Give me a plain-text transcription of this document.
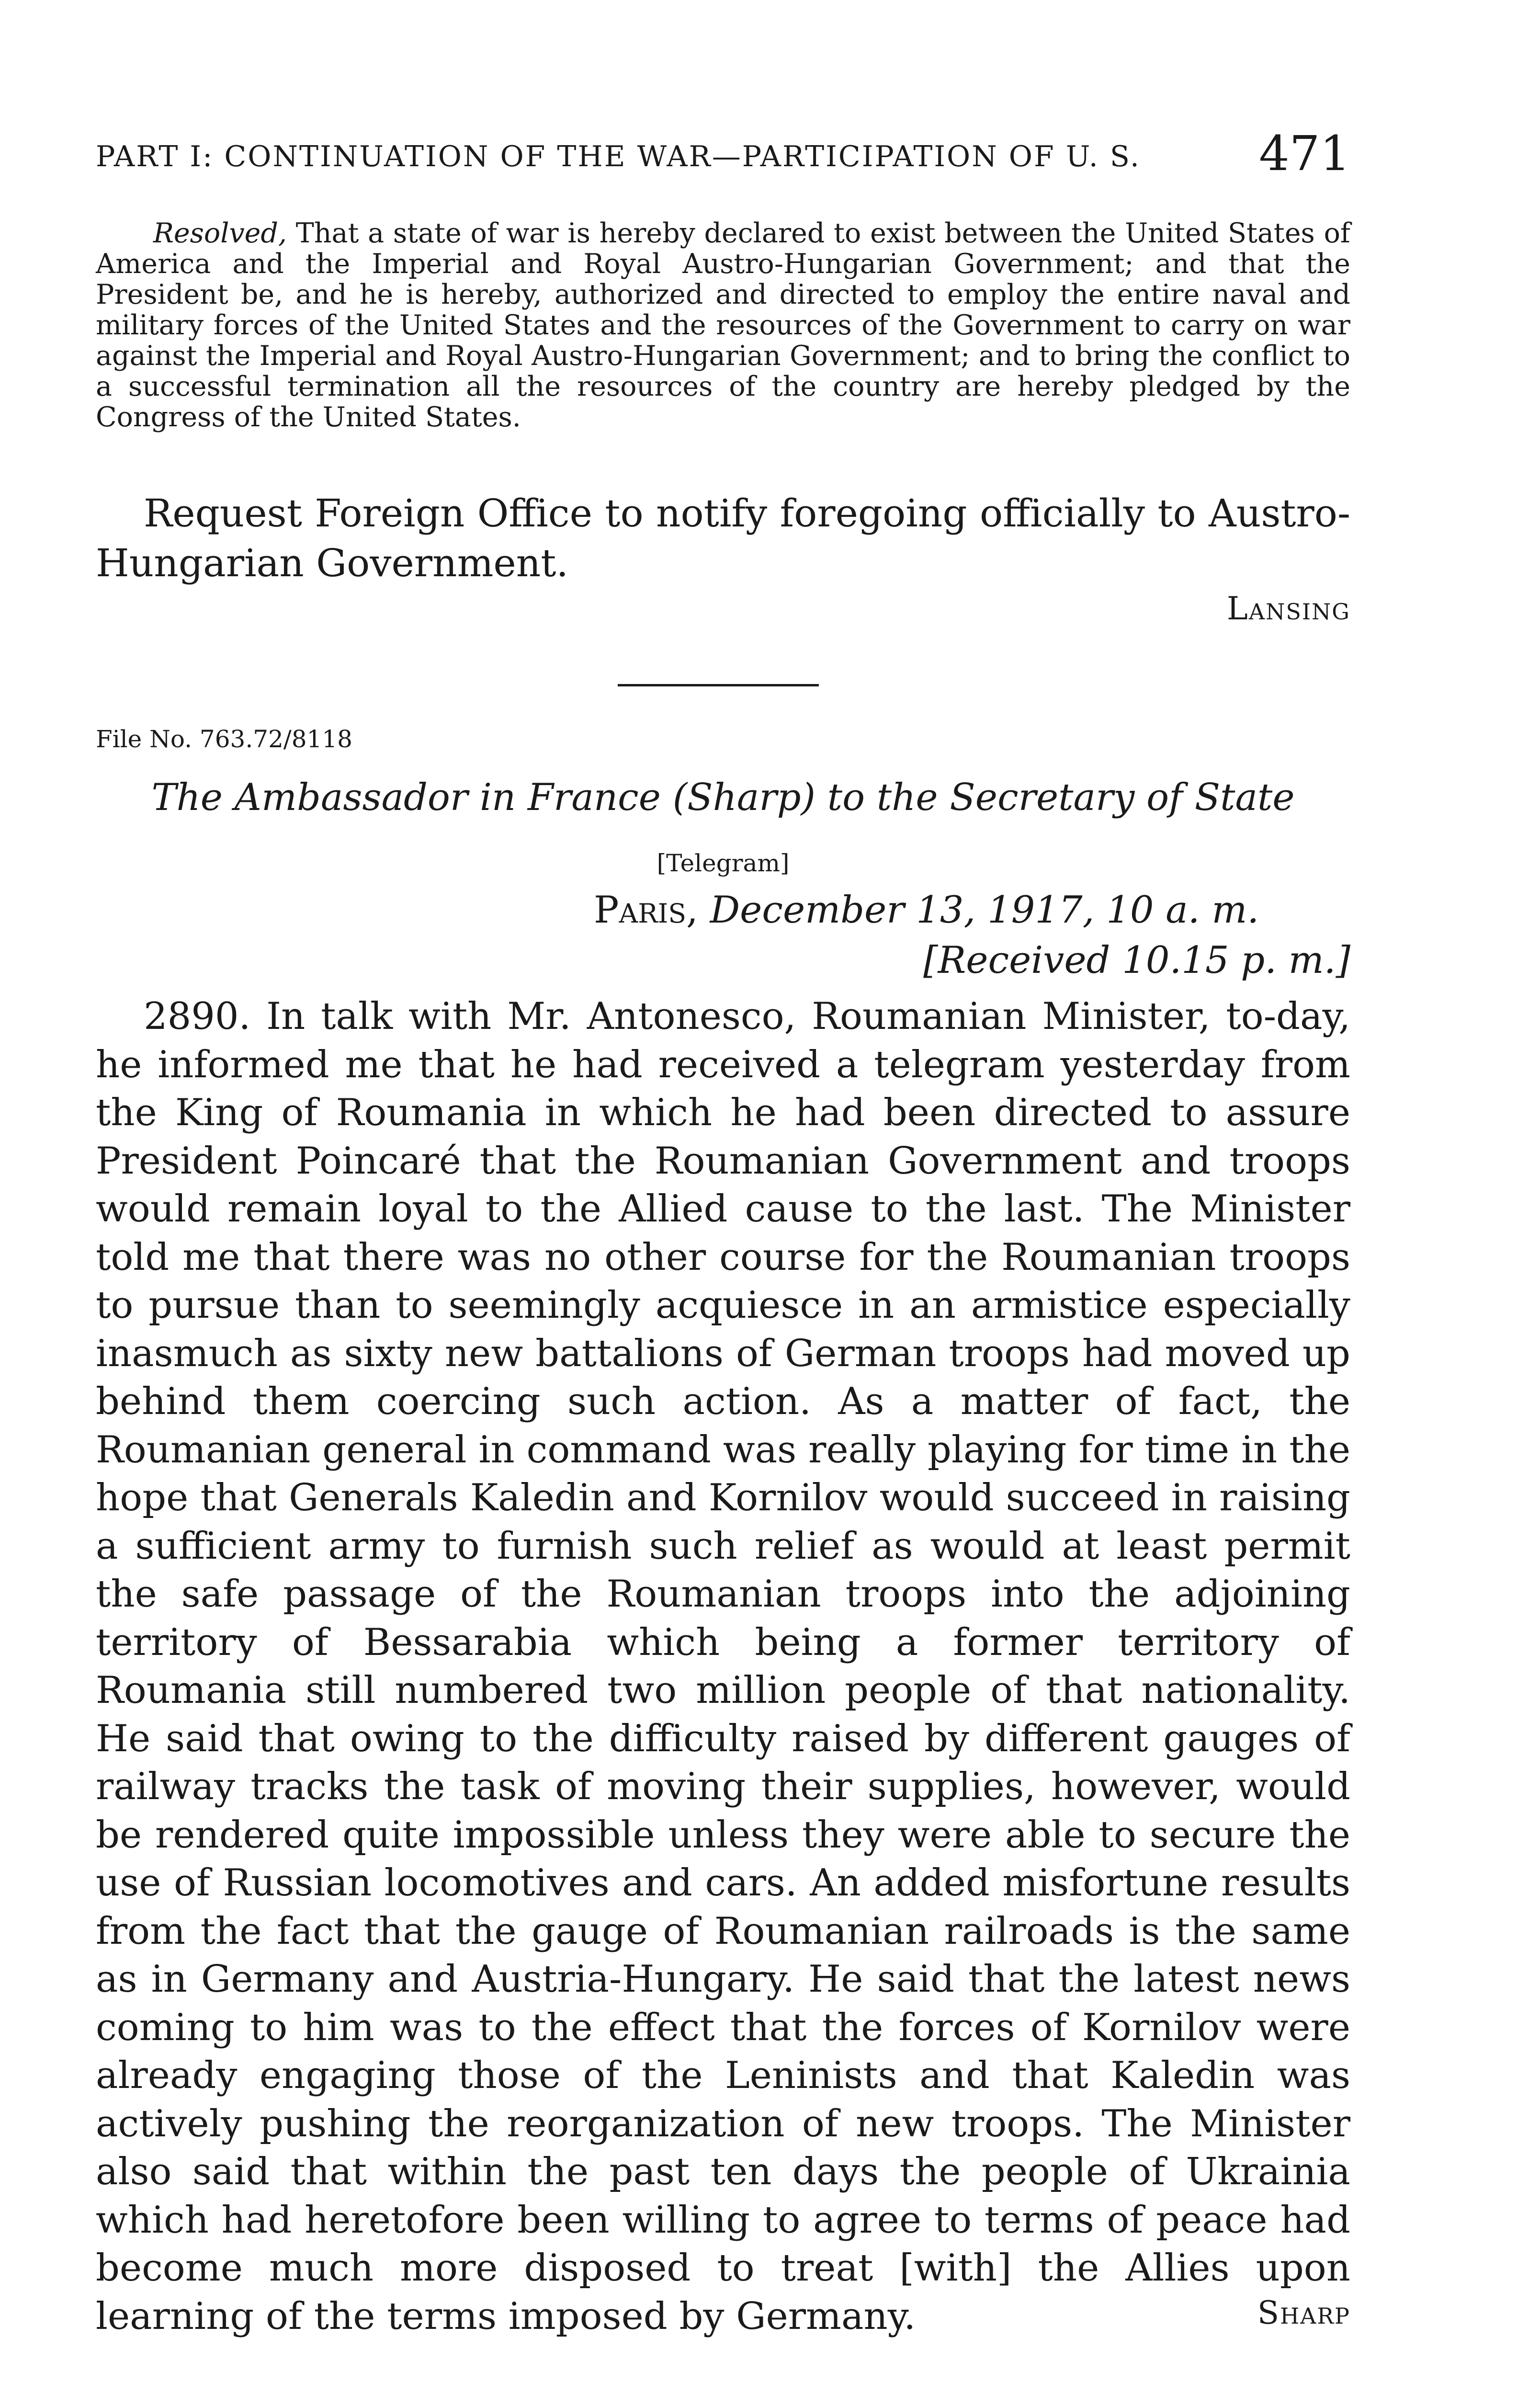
PART I: CONTINUATION OF THE WAR—PARTICIPATION OF U. S. 471

Resolved, That a state of war is hereby declared to exist between the United States of America and the Imperial and Royal Austro-Hungarian Government; and that the President be, and he is hereby, authorized and directed to employ the entire naval and military forces of the United States and the resources of the Government to carry on war against the Imperial and Royal Austro-Hungarian Government; and to bring the conflict to a successful termination all the resources of the country are hereby pledged by the Congress of the United States.

Request Foreign Office to notify foregoing officially to Austro-Hungarian Government.

Lansing
File No. 763.72/8118
The Ambassador in France (Sharp) to the Secretary of State
[Telegram]
Paris, December 13, 1917, 10 a. m.
[Received 10.15 p. m.]

2890. In talk with Mr. Antonesco, Roumanian Minister, to-day, he informed me that he had received a telegram yesterday from the King of Roumania in which he had been directed to assure President Poincaré that the Roumanian Government and troops would remain loyal to the Allied cause to the last. The Minister told me that there was no other course for the Roumanian troops to pursue than to seemingly acquiesce in an armistice especially inasmuch as sixty new battalions of German troops had moved up behind them coercing such action. As a matter of fact, the Roumanian general in command was really playing for time in the hope that Generals Kaledin and Kornilov would succeed in raising a sufficient army to furnish such relief as would at least permit the safe passage of the Roumanian troops into the adjoining territory of Bessarabia which being a former territory of Roumania still numbered two million people of that nationality. He said that owing to the difficulty raised by different gauges of railway tracks the task of moving their supplies, however, would be rendered quite impossible unless they were able to secure the use of Russian locomotives and cars. An added misfortune results from the fact that the gauge of Roumanian railroads is the same as in Germany and Austria-Hungary. He said that the latest news coming to him was to the effect that the forces of Kornilov were already engaging those of the Leninists and that Kaledin was actively pushing the reorganization of new troops. The Minister also said that within the past ten days the people of Ukrainia which had heretofore been willing to agree to terms of peace had become much more disposed to treat [with] the Allies upon learning of the terms imposed by Germany.	Sharp
